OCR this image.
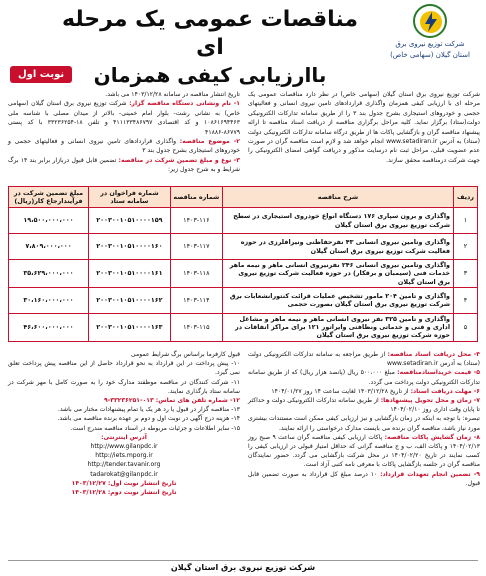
شرکت توزیع نیروی برق
استان گیلان (سهامی خاص)
مناقصات عمومی یک مرحله ای
باارزیابی کیفی همزمان
نوبت اول
شرکت توزیع نیروی برق استان گیلان (سهامی خاص) در نظر دارد مناقصات عمومی یک مرحله ای با ارزیابی کیفی همزمان واگذاری قراردادهای تامین نیروی انسانی و فعالیتهای حجمی و خودروهای استیجاری بشرح جدول بند ۳ را از طریق سامانه تدارکات الکترونیکی دولت(ستاد) برگزار نماید. کلیه مراحل برگزاری مناقصه از دریافت اسناد مناقصه تا ارائه پیشنهاد مناقصه گران و بازگشایی پاکات ها از طریق درگاه سامانه تدارکات الکترونیکی دولت (ستاد) به آدرس www.setadiran.ir انجام خواهد شد و لازم است مناقصه گران در صورت عدم عضویت قبلی، مراحل ثبت نام درسایت مذکور و دریافت گواهی امضای الکترونیکی را جهت شرکت درمناقصه محقق سازند.
تاریخ انتشار مناقصه در سامانه ۱۴۰۳/۱۲/۲۸ می باشد.
۱- نام ونشانی دستگاه مناقصه گزار: شرکت توزیع نیروی برق استان گیلان (سهامی خاص) به نشانی رشت- بلوار امام خمینی- بالاتر از میدان مصلی با شناسه ملی ۱۰۸۶۱۶۹۴۴۶۳ و کد اقتصادی ۴۱۱۱۳۳۴۸۶۷۹۷ و تلفن ۱۸-۳۳۲۳۶۲۵۴ با کد پستی ۸۶۷۷۹-۴۱۸۸۶
۲- موضوع مناقصه: واگذاری قراردادهای تامین نیروی انسانی و فعالیتهای حجمی و خودروهای استیجاری بشرح جدول بند ۳
۳- نوع و مبلغ تضمین شرکت در مناقصه: تضمین قابل قبول دربازار برابر بند ۱۴ برگ شرایط و به شرح جدول زیر:
ردیف	شرح مناقصه	شماره مناقصه	شماره فراخوان در سامانه ستاد	مبلغ تضمین شرکت در فرآیندارجاع کار(ریال)
۱	واگذاری و برون سپاری ۱۷۶ دستگاه انواع خودروی استیجاری در سطح شرکت توزیع نیروی برق استان گیلان	۱۴۰۳-۱۱۶	۲۰۰۳۰۰۱۰۵۱۰۰۰۰۱۵۹	۱۹،۵۰۰،۰۰۰،۰۰۰
۲	واگذاری وتامین نیروی انسانی ۴۳ نفرحفاظتی ونیرافلرزی در حوزه فعالیت شرکت توزیع نیروی برق استان گیلان	۱۴۰۳-۱۱۷	۲۰۰۳۰۰۱۰۵۱۰۰۰۰۱۶۰	۷،۸۰۹،۰۰۰،۰۰۰
۳	واگذاری وتامین نیروی انسانی ۲۴۶ نفرنیروی انسانی ماهر و نیمه ماهر خدمات فنی (سیمبان و برقکار) در حوزه فعالیت شرکت توزیع نیروی برق استان گیلان	۱۴۰۳-۱۱۸	۲۰۰۳۰۰۱۰۵۱۰۰۰۰۱۶۱	۳۵،۶۲۹،۰۰۰،۰۰۰
۴	واگذاری و تامین ۲۰۴ مامور تشخیص عملیات قرائت کنتورانشعابات برق شرکت توزیع نیروی برق استان گیلان بصورت حجمی	۱۴۰۳-۱۱۴	۲۰۰۳۰۰۱۰۵۱۰۰۰۰۱۶۲	۳۰،۱۶۰،۰۰۰،۰۰۰
۵	واگذاری و تامین ۳۲۵ نفر نیروی انسانی ماهر و نیمه ماهر و مشاغل اداری و فنی و خدماتی ونظافتی وایراتور ۱۲۱ برای مراکز اتفاقات در حوزه شرکت توزیع نیروی برق استان گیلان	۱۴۰۳-۱۱۵	۲۰۰۳۰۰۱۰۵۱۰۰۰۰۱۶۳	۴۶،۶۰۰،۰۰۰،۰۰۰
۴- محل دریافت اسناد مناقصه: از طریق مراجعه به سامانه تدارکات الکترونیکی دولت (ستاد) به آدرس www.setadiran.ir
۵- قیمت خریداسنادمناقصه: مبلغ ۵۰۰،۰۰۰ ریال (پانصد هزار ریال) که از طریق سامانه تدارکات الکترونیکی دولت پرداخت می گردد.
۶- مهلت دریافت اسناد: از تاریخ ۱۴۰۳/۱۲/۲۸ لغایت ساعت ۱۴ روز ۱۴۰۴/۰۱/۲۷
۷- زمان و محل تحویل پیشنهادها: از طریق سامانه تدارکات الکترونیکی دولت و حداکثر تا پایان وقت اداری روز ۱۴۰۴/۰۲/۱۰
تبصره: با توجه به اینکه در زمان بازگشایی و نیز ارزیابی کیفی ممکن است مستندات بیشتری مورد نیاز باشد، مناقصه گران برنده می بایست مدارک درخواستی را ارائه نمایند.
۸- زمان گشایش پاکات مناقصه: پاکات ارزیابی کیفی مناقصه گران ساعت ۹ صبح روز ۱۴۰۴/۰۲/۱۳ و پاکات الف، ب و ج مناقصه گرانی که حداقل امتیاز قبولی در ارزیابی کیفی را کسب نمایند در تاریخ ۱۴۰۴/۰۲/۲۰ در محل شرکت بازگشایی می گردد. حضور نمایندگان مناقصه گران در جلسه بازگشایی پاکات با معرفی نامه کتبی آزاد است.
۹- تضمین انجام تعهدات قرارداد: ۱۰ درصد مبلغ کل قرارداد به صورت تضمین قابل قبول.
قبول کارفرما براساس برگ شرایط عمومی
۱۰- پیش پرداخت در این قرارداد به نحو قرارداد حاصل از این مناقصه پیش پرداخت تعلق نمی گیرد.
۱۱- شرکت کنندگان در مناقصه موظفند مدارک خود را به صورت کامل با مهر شرکت در سامانه ستاد بارگذاری نمایند.
۱۲- شماره تلفن های تماس: ۰۱۳-۳۳۲۳۶۲۵۱-۹
۱۳- مناقصه گزار در قبول یا رد هر یک یا تمام پیشنهادات مختار می باشد.
۱۴- هزینه درج آگهی در نوبت اول و دوم بر عهده برنده مناقصه می باشد.
۱۵- سایر اطلاعات و جزئیات مربوطه در اسناد مناقصه مندرج است.
آدرس اینترنتی:
http://www.gilanpdc.ir
http://iets.mporg.ir
http://tender.tavanir.org
tadarokat@gilanpdc.ir
تاریخ انتشار نوبت اول: ۱۴۰۳/۱۲/۲۷
تاریخ انتشار نوبت دوم: ۱۴۰۳/۱۲/۲۸
شرکت توزیع نیروی برق استان گیلان
